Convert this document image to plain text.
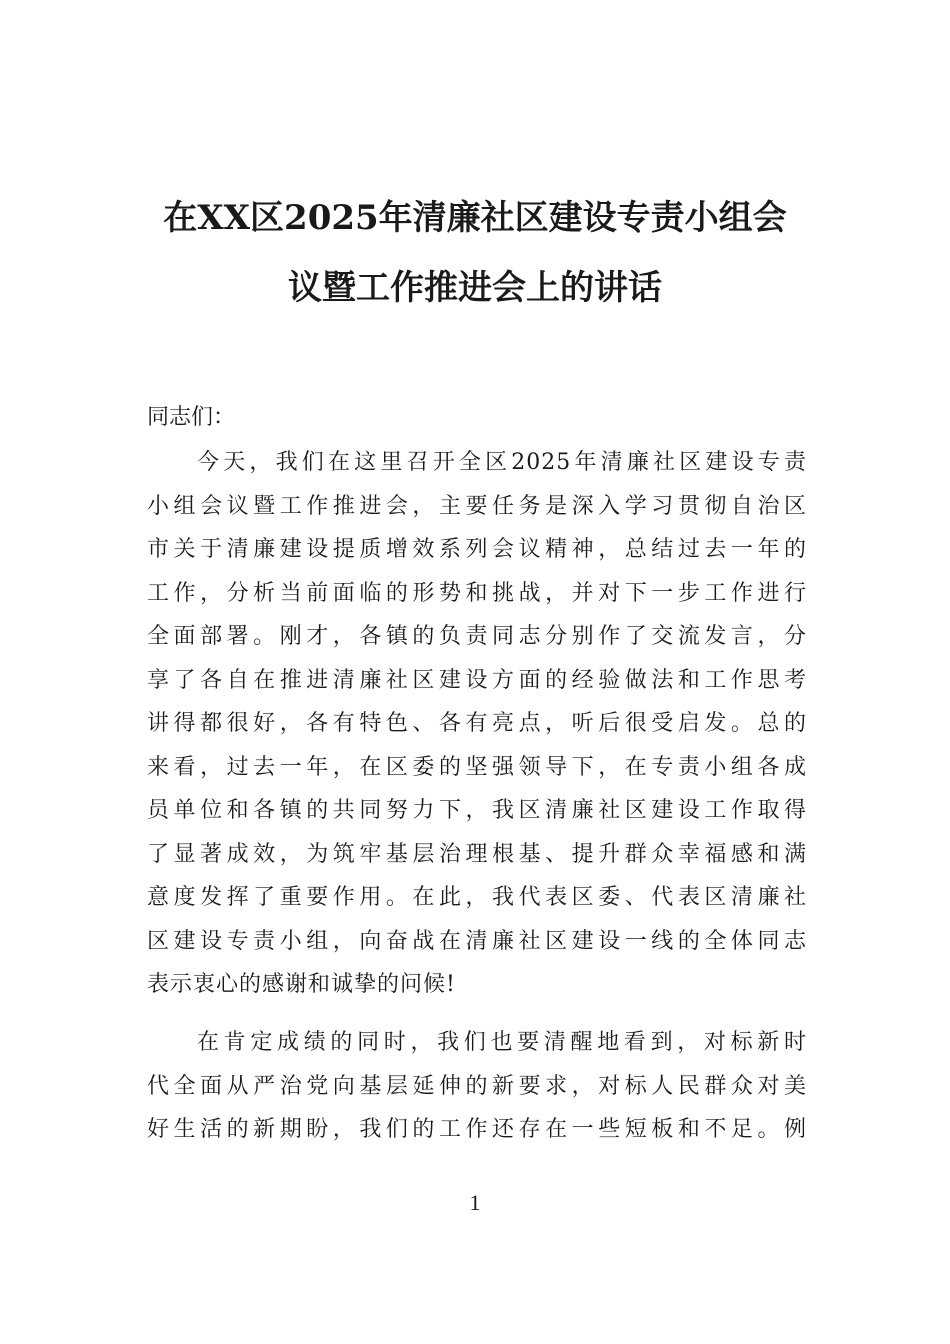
在XX区2025年清廉社区建设专责小组会
议暨工作推进会上的讲话
同志们：
今天，我们在这里召开全区2025年清廉社区建设专责
小组会议暨工作推进会，主要任务是深入学习贯彻自治区
市关于清廉建设提质增效系列会议精神，总结过去一年的
工作，分析当前面临的形势和挑战，并对下一步工作进行
全面部署。刚才，各镇的负责同志分别作了交流发言，分
享了各自在推进清廉社区建设方面的经验做法和工作思考
讲得都很好，各有特色、各有亮点，听后很受启发。总的
来看，过去一年，在区委的坚强领导下，在专责小组各成
员单位和各镇的共同努力下，我区清廉社区建设工作取得
了显著成效，为筑牢基层治理根基、提升群众幸福感和满
意度发挥了重要作用。在此，我代表区委、代表区清廉社
区建设专责小组，向奋战在清廉社区建设一线的全体同志
表示衷心的感谢和诚挚的问候!
在肯定成绩的同时，我们也要清醒地看到，对标新时
代全面从严治党向基层延伸的新要求，对标人民群众对美
好生活的新期盼，我们的工作还存在一些短板和不足。例
1
